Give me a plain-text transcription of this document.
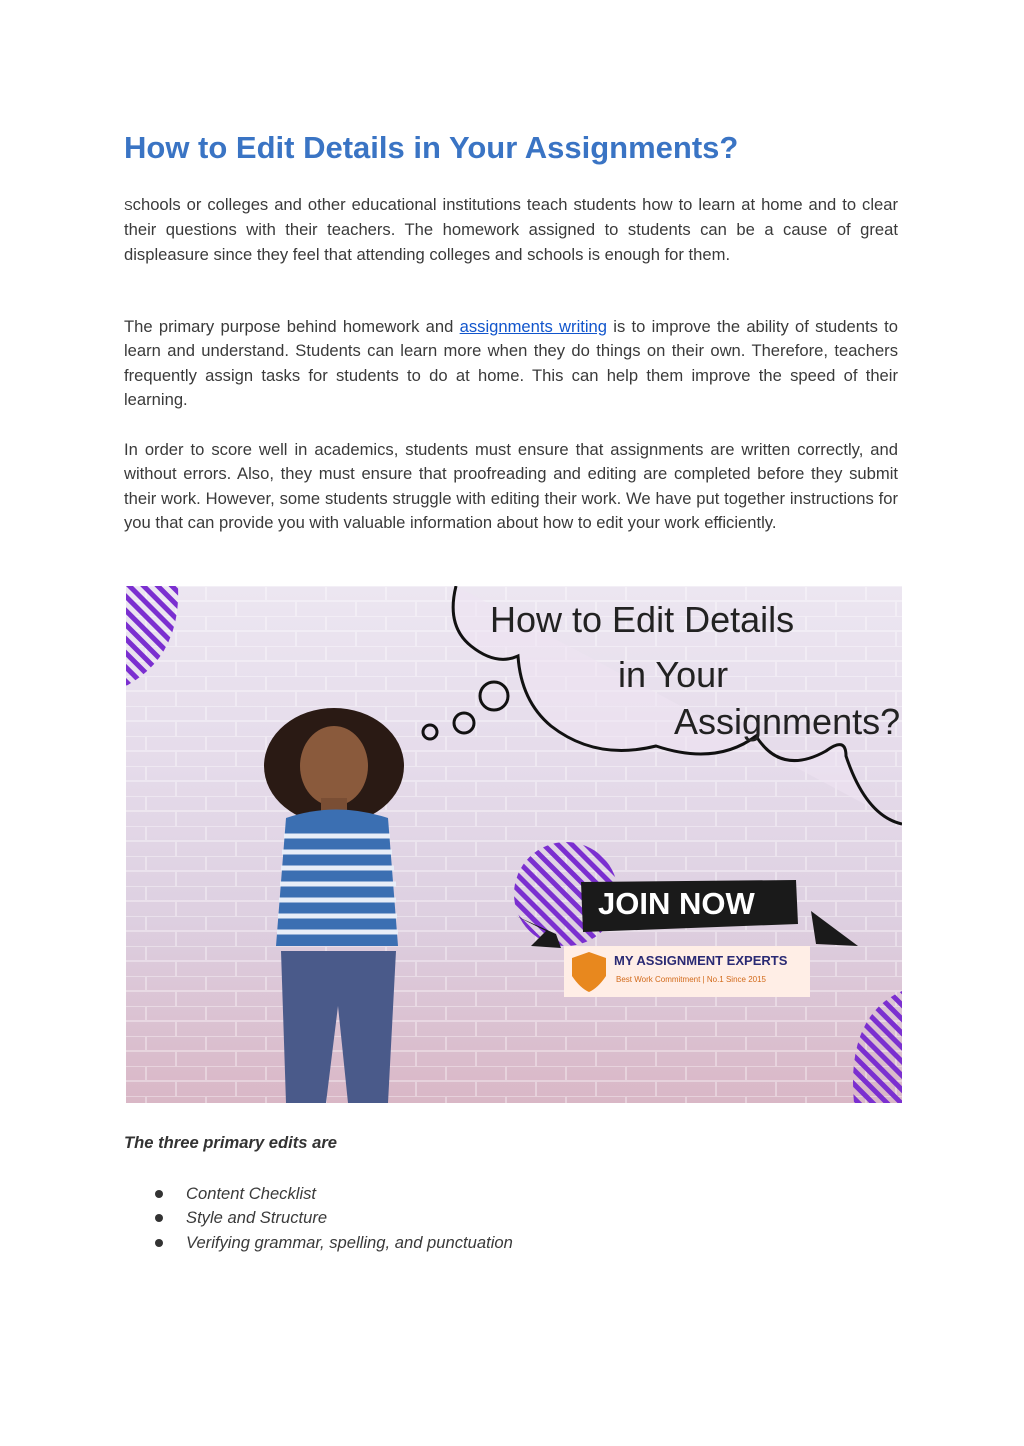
How to Edit Details in Your Assignments?

Schools or colleges and other educational institutions teach students how to learn at home and to clear their questions with their teachers. The homework assigned to students can be a cause of great displeasure since they feel that attending colleges and schools is enough for them.

The primary purpose behind homework and assignments writing is to improve the ability of students to learn and understand. Students can learn more when they do things on their own. Therefore, teachers frequently assign tasks for students to do at home. This can help them improve the speed of their learning.

In order to score well in academics, students must ensure that assignments are written correctly, and without errors. Also, they must ensure that proofreading and editing are completed before they submit their work. However, some students struggle with editing their work. We have put together instructions for you that can provide you with valuable information about how to edit your work efficiently.

How to Edit Details
in Your
Assignments?
JOIN NOW
MY ASSIGNMENT EXPERTS
Best Work Commitment | No.1 Since 2015

The three primary edits are

Content Checklist
Style and Structure
Verifying grammar, spelling, and punctuation
